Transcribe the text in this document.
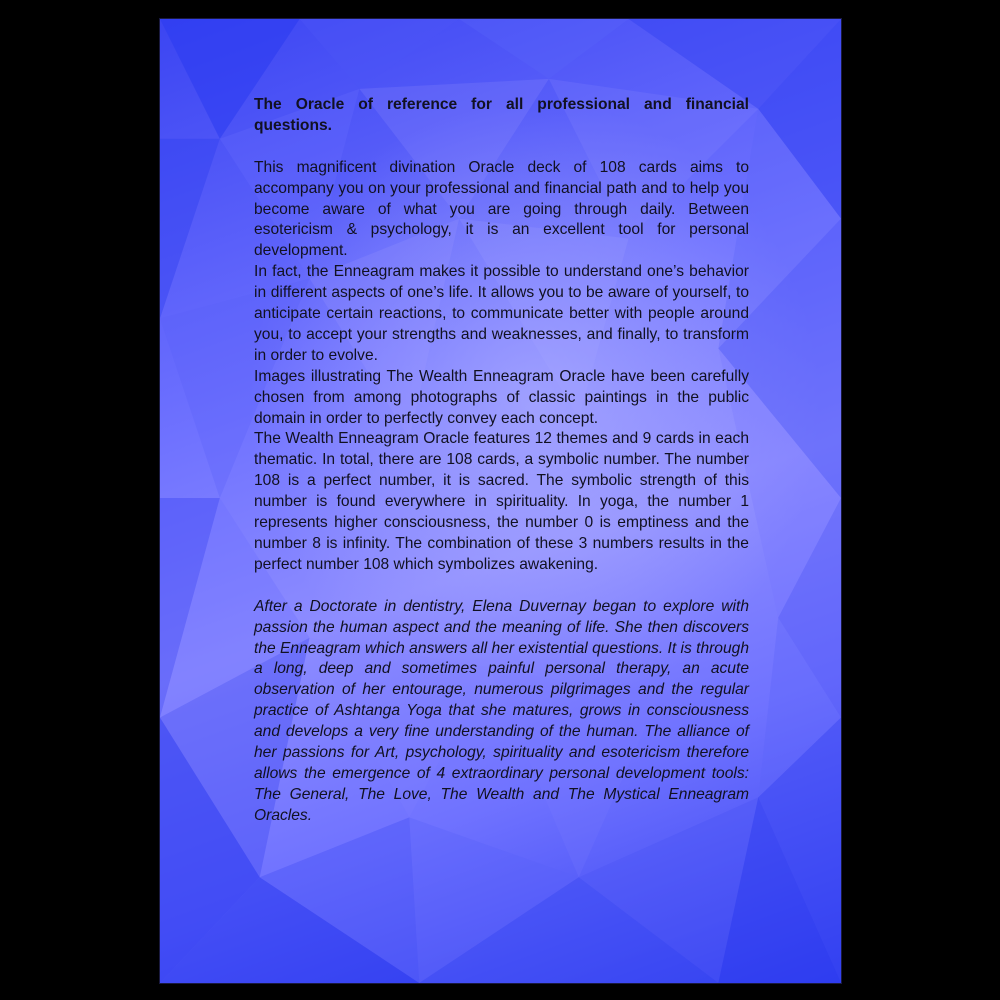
The Oracle of reference for all professional and financial questions.

This magnificent divination Oracle deck of 108 cards aims to accompany you on your professional and financial path and to help you become aware of what you are going through daily. Between esotericism & psychology, it is an excellent tool for personal development.

In fact, the Enneagram makes it possible to understand one’s behavior in different aspects of one’s life. It allows you to be aware of yourself, to anticipate certain reactions, to communicate better with people around you, to accept your strengths and weaknesses, and finally, to transform in order to evolve.

Images illustrating The Wealth Enneagram Oracle have been carefully chosen from among photographs of classic paintings in the public domain in order to perfectly convey each concept.

The Wealth Enneagram Oracle features 12 themes and 9 cards in each thematic. In total, there are 108 cards, a symbolic number. The number 108 is a perfect number, it is sacred. The symbolic strength of this number is found everywhere in spirituality. In yoga, the number 1 represents higher consciousness, the number 0 is emptiness and the number 8 is infinity. The combination of these 3 numbers results in the perfect number 108 which symbolizes awakening.

After a Doctorate in dentistry, Elena Duvernay began to explore with passion the human aspect and the meaning of life. She then discovers the Enneagram which answers all her existential questions. It is through a long, deep and sometimes painful personal therapy, an acute observation of her entourage, numerous pilgrimages and the regular practice of Ashtanga Yoga that she matures, grows in consciousness and develops a very fine understanding of the human. The alliance of her passions for Art, psychology, spirituality and esotericism therefore allows the emergence of 4 extraordinary personal development tools: The General, The Love, The Wealth and The Mystical Enneagram Oracles.
